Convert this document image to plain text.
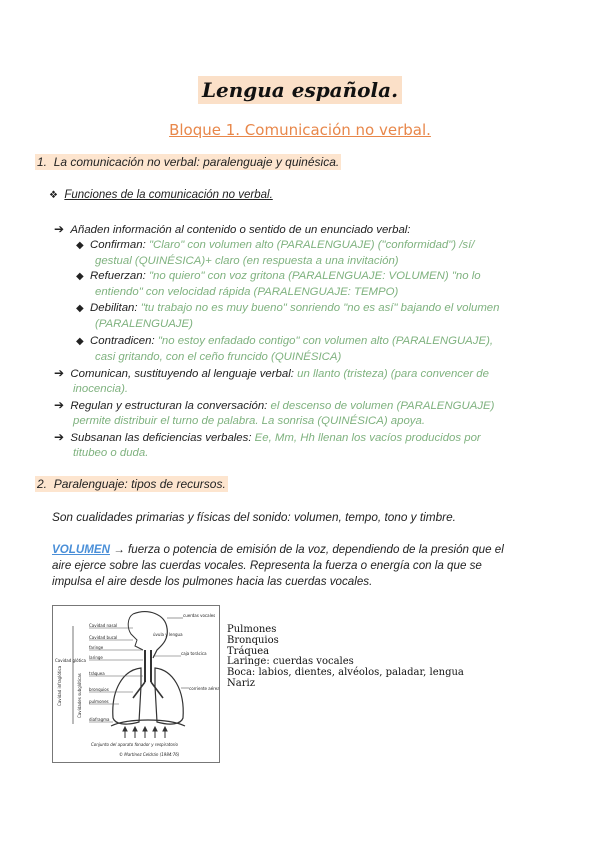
Lengua española.
Bloque 1. Comunicación no verbal.
1. La comunicación no verbal: paralenguaje y quinésica.
❖ Funciones de la comunicación no verbal.
➔ Añaden información al contenido o sentido de un enunciado verbal:
◆ Confirman: "Claro" con volumen alto (PARALENGUAJE) ("conformidad") /sí/
gestual (QUINÉSICA)+ claro (en respuesta a una invitación)
◆ Refuerzan: "no quiero" con voz gritona (PARALENGUAJE: VOLUMEN) "no lo
entiendo" con velocidad rápida (PARALENGUAJE: TEMPO)
◆ Debilitan: "tu trabajo no es muy bueno" sonriendo "no es así" bajando el volumen
(PARALENGUAJE)
◆ Contradicen: "no estoy enfadado contigo" con volumen alto (PARALENGUAJE),
casi gritando, con el ceño fruncido (QUINÉSICA)
➔ Comunican, sustituyendo al lenguaje verbal: un llanto (tristeza) (para convencer de
inocencia).
➔ Regulan y estructuran la conversación: el descenso de volumen (PARALENGUAJE)
permite distribuir el turno de palabra. La sonrisa (QUINÉSICA) apoya.
➔ Subsanan las deficiencias verbales: Ee, Mm, Hh llenan los vacíos producidos por
titubeo o duda.
2. Paralenguaje: tipos de recursos.
Son cualidades primarias y físicas del sonido: volumen, tempo, tono y timbre.
VOLUMEN → fuerza o potencia de emisión de la voz, dependiendo de la presión que el
aire ejerce sobre las cuerdas vocales. Representa la fuerza o energía con la que se
impulsa el aire desde los pulmones hacia las cuerdas vocales.
Cavidad nasal
Cavidad bucal
faringe
laringe
Cavidad glótica
tráquea
bronquios
pulmones
diafragma
Cavidad infraglótica
cuerdas vocales
úvula y lengua
caja torácica
corriente aérea
Cavidades subglóticas
Conjunto del aparato fonador y respiratorio
© Martínez Celdrán (1984:76)
Pulmones
Bronquios
Tráquea
Laringe: cuerdas vocales
Boca: labios, dientes, alvéolos, paladar, lengua
Nariz
